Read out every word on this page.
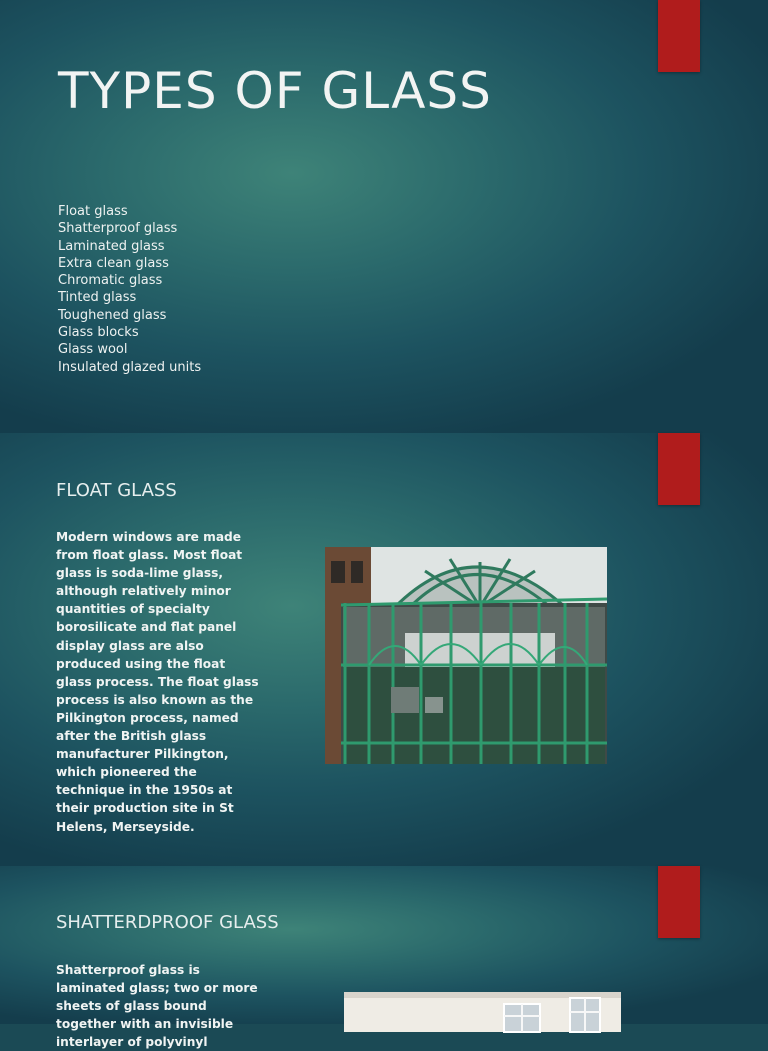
TYPES OF GLASS
Float glass
Shatterproof glass
Laminated glass
Extra clean glass
Chromatic glass
Tinted glass
Toughened glass
Glass blocks
Glass wool
Insulated glazed units
FLOAT GLASS

Modern windows are made from float glass. Most float glass is soda-lime glass, although relatively minor quantities of specialty borosilicate and flat panel display glass are also produced using the float glass process. The float glass process is also known as the Pilkington process, named after the British glass manufacturer Pilkington, which pioneered the technique in the 1950s at their production site in St Helens, Merseyside.

SHATTERDPROOF GLASS

Shatterproof glass is laminated glass; two or more sheets of glass bound together with an invisible interlayer of polyvinyl
